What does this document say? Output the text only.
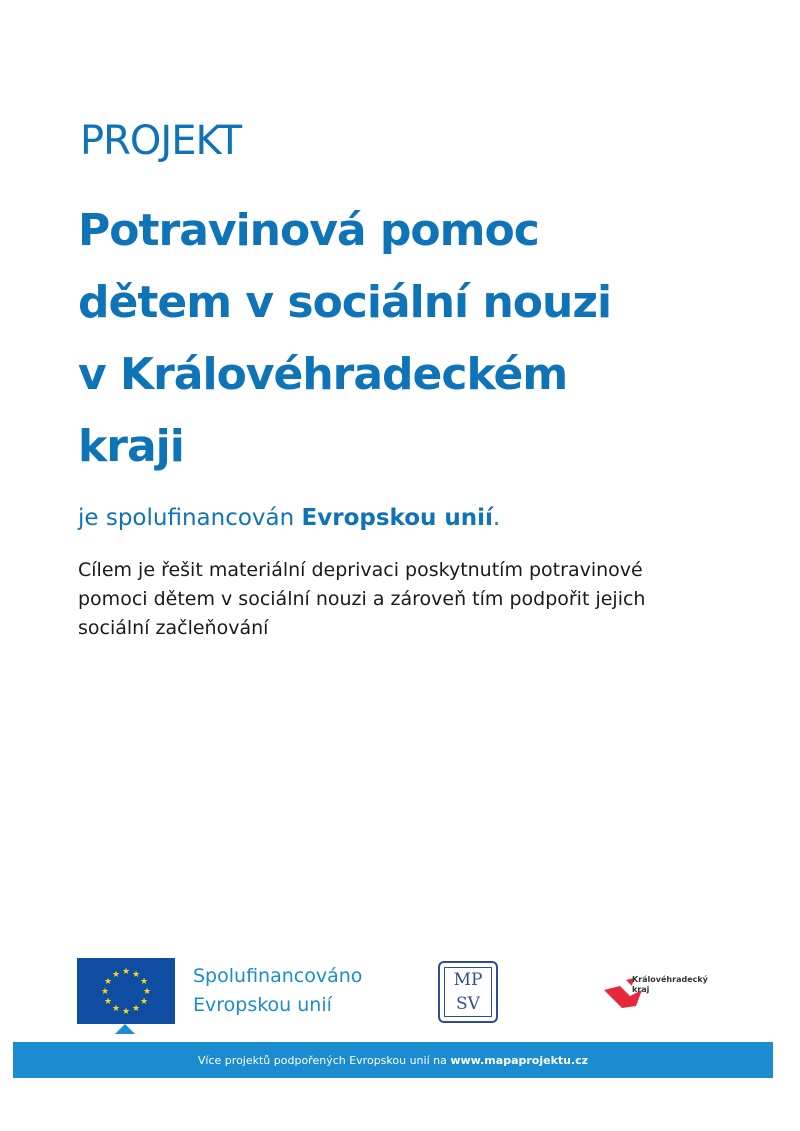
PROJEKT
Potravinová pomoc
dětem v sociální nouzi
v Královéhradeckém
kraji
je spolufinancován Evropskou unií.
Cílem je řešit materiální deprivaci poskytnutím potravinové
pomoci dětem v sociální nouzi a zároveň tím podpořit jejich
sociální začleňování
★ ★
★
★
★
★
★
★
★
★
★
★	Spolufinancováno
Evropskou unií
MP
SV
Královéhradecký
kraj
Více projektů podpořených Evropskou unií na www.mapaprojektu.cz
